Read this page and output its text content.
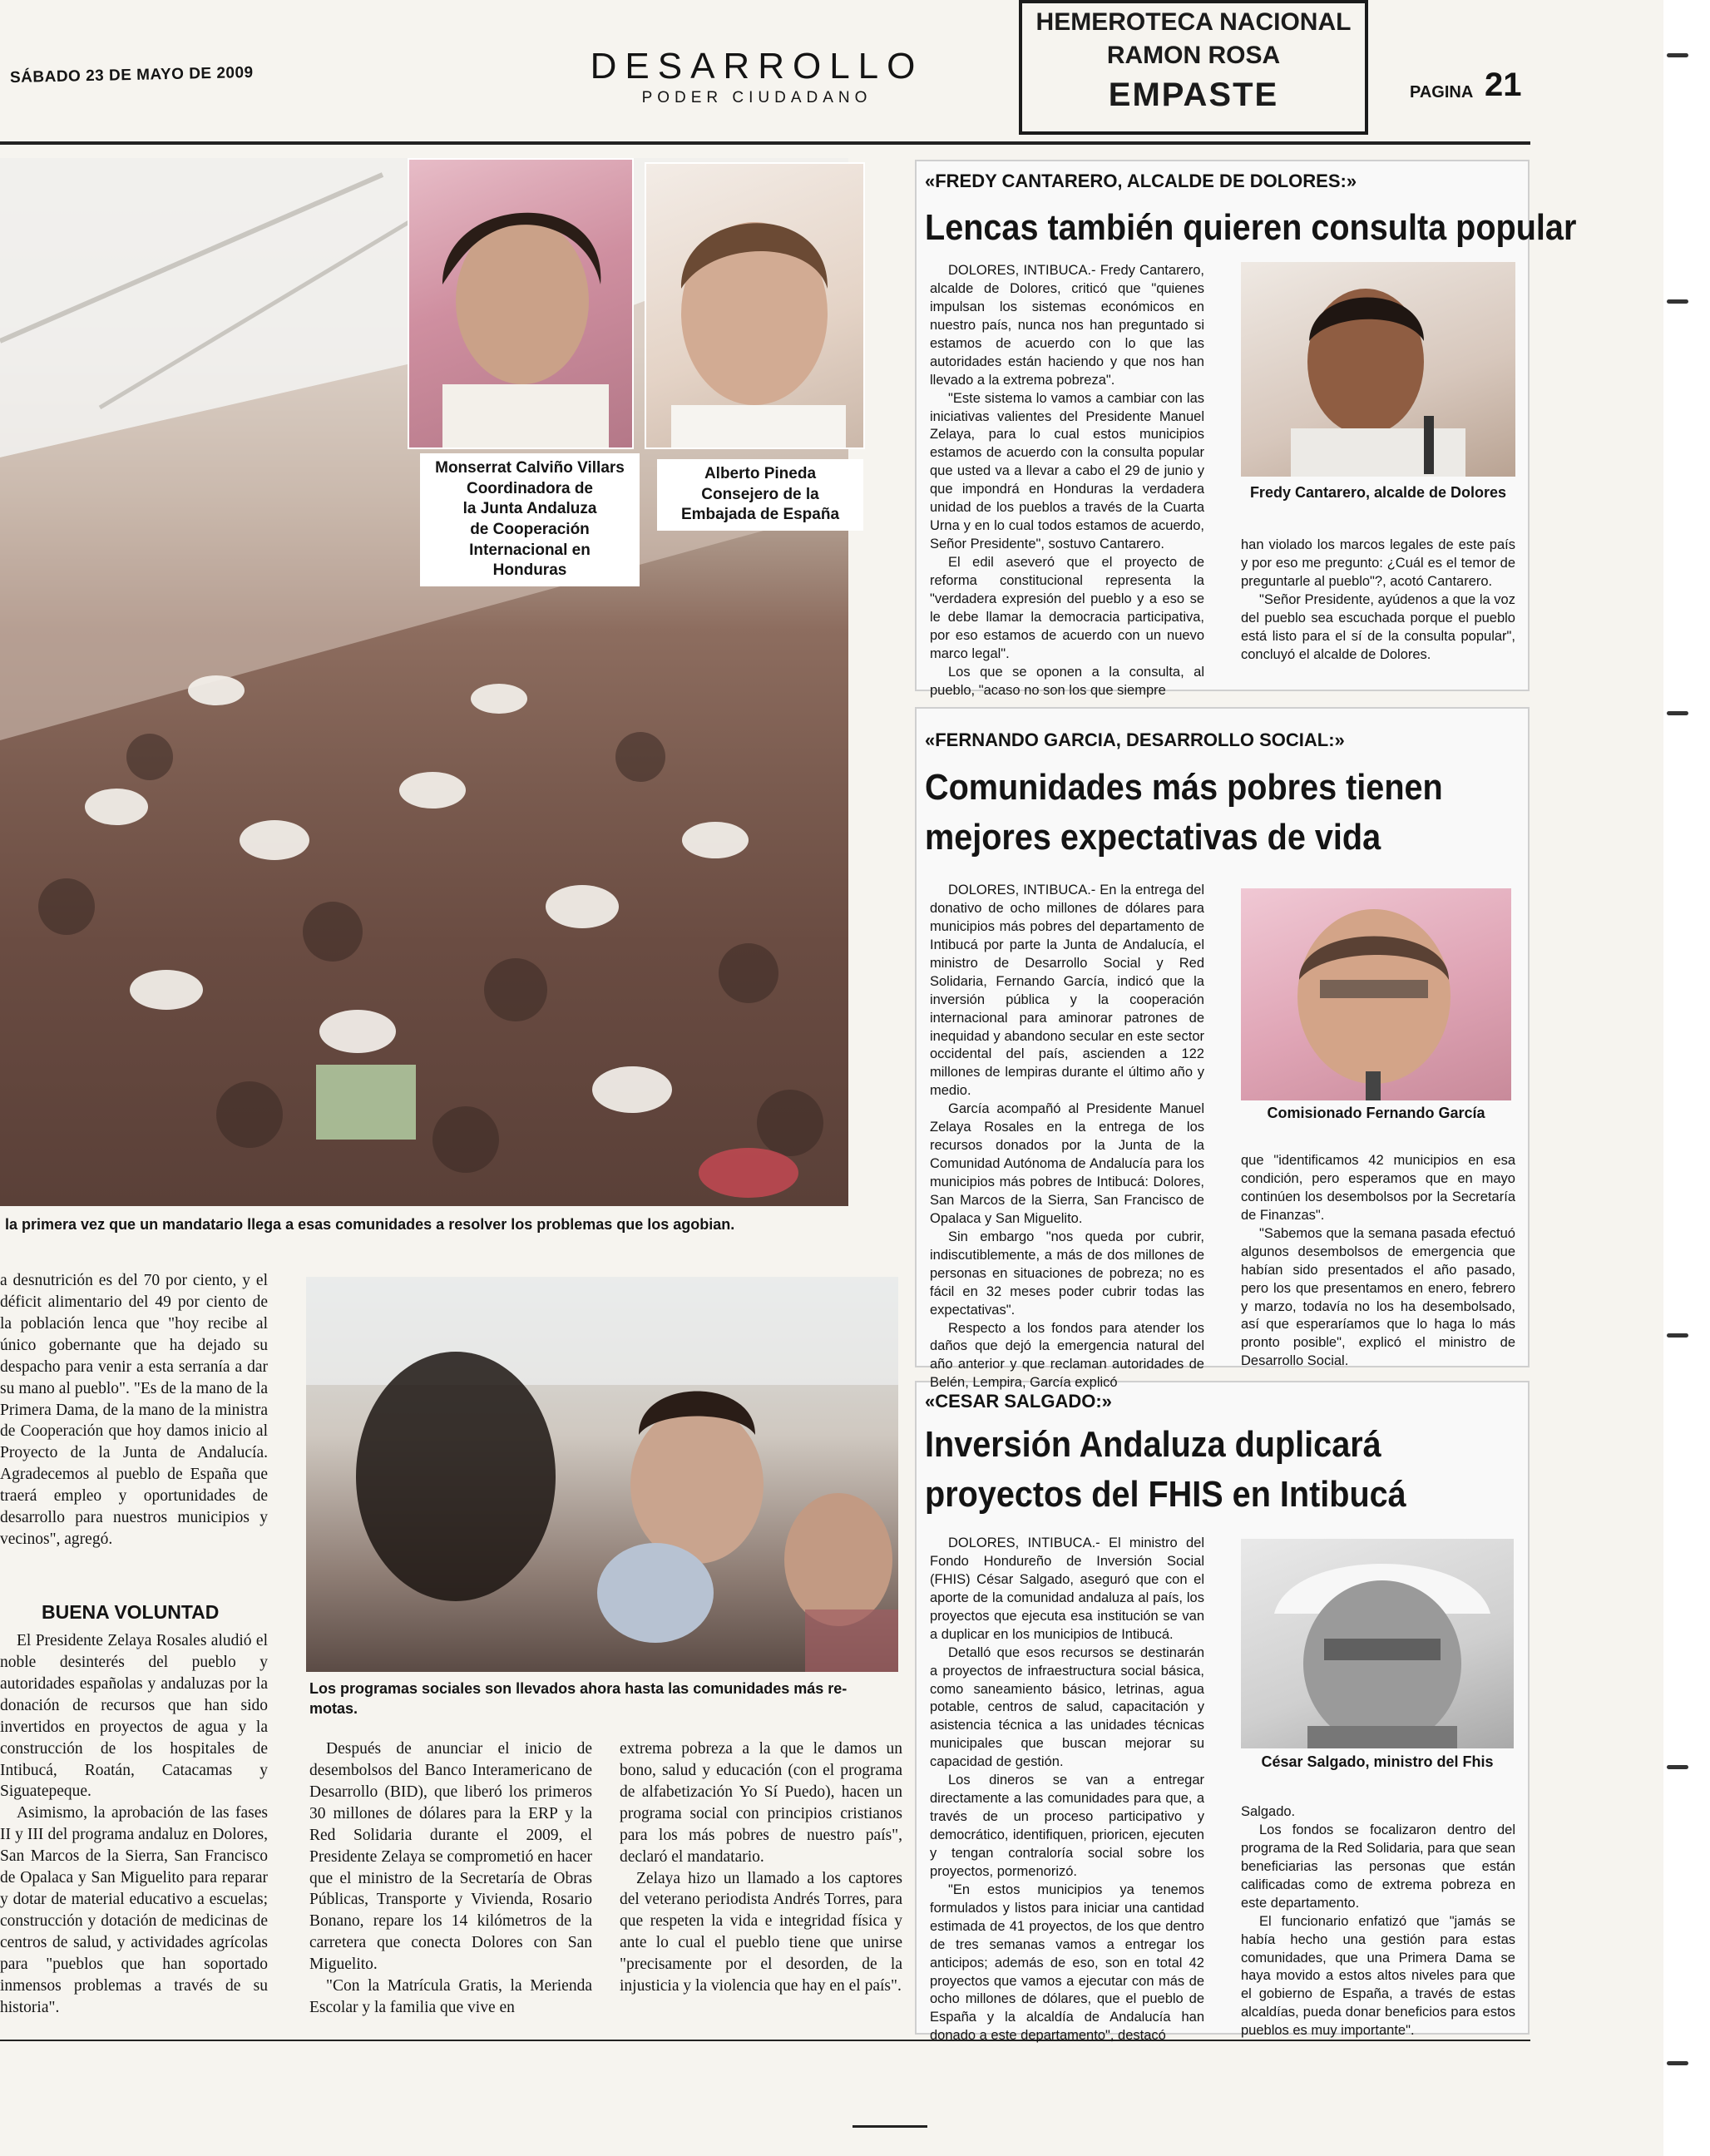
SÁBADO 23 DE MAYO DE 2009	DESARROLLO
PODER CIUDADANO
HEMEROTECA NACIONAL
RAMON ROSA
EMPASTE	PAGINA 21
Monserrat Calviño Villars
Coordinadora de
la Junta Andaluza
de Cooperación
Internacional en
Honduras
Alberto Pineda
Consejero de la
Embajada de España
la primera vez que un mandatario llega a esas comunidades a resolver los problemas que los agobian.

a desnutrición es del 70 por ciento, y el déficit alimentario del 49 por ciento de la población lenca que "hoy recibe al único gobernante que ha dejado su despacho para venir a esta serranía a dar su mano al pueblo". "Es de la mano de la Primera Dama, de la mano de la ministra de Cooperación que hoy damos inicio al Proyecto de la Junta de Andalucía. Agradecemos al pueblo de España que traerá empleo y oportunidades de desarrollo para nuestros municipios y vecinos", agregó.

BUENA VOLUNTAD

El Presidente Zelaya Rosales aludió el noble desinterés del pueblo y autoridades españolas y andaluzas por la donación de recursos que han sido invertidos en proyectos de agua y la construcción de los hospitales de Intibucá, Roatán, Catacamas y Siguatepeque.

Asimismo, la aprobación de las fases II y III del programa andaluz en Dolores, San Marcos de la Sierra, San Francisco de Opalaca y San Miguelito para reparar y dotar de material educativo a escuelas; construcción y dotación de medicinas de centros de salud, y actividades agrícolas para "pueblos que han soportado inmensos problemas a través de su historia".

Los programas sociales son llevados ahora hasta las comunidades más re-
motas.

Después de anunciar el inicio de desembolsos del Banco Interamericano de Desarrollo (BID), que liberó los primeros 30 millones de dólares para la ERP y la Red Solidaria durante el 2009, el Presidente Zelaya se comprometió en hacer que el ministro de la Secretaría de Obras Públicas, Transporte y Vivienda, Rosario Bonano, repare los 14 kilómetros de la carretera que conecta Dolores con San Miguelito.

"Con la Matrícula Gratis, la Merienda Escolar y la familia que vive en

extrema pobreza a la que le damos un bono, salud y educación (con el programa de alfabetización Yo Sí Puedo), hacen un programa social con principios cristianos para los más pobres de nuestro país", declaró el mandatario.

Zelaya hizo un llamado a los captores del veterano periodista Andrés Torres, para que respeten la vida e integridad física y ante lo cual el pueblo tiene que unirse "precisamente por el desorden, de la injusticia y la violencia que hay en el país".

«FREDY CANTARERO, ALCALDE DE DOLORES:»
Lencas también quieren consulta popular

DOLORES, INTIBUCA.- Fredy Cantarero, alcalde de Dolores, criticó que "quienes impulsan los sistemas económicos en nuestro país, nunca nos han preguntado si estamos de acuerdo con lo que las autoridades están haciendo y que nos han llevado a la extrema pobreza".

"Este sistema lo vamos a cambiar con las iniciativas valientes del Presidente Manuel Zelaya, para lo cual estos municipios estamos de acuerdo con la consulta popular que usted va a llevar a cabo el 29 de junio y que impondrá en Honduras la verdadera unidad de los pueblos a través de la Cuarta Urna y en lo cual todos estamos de acuerdo, Señor Presidente", sostuvo Cantarero.

El edil aseveró que el proyecto de reforma constitucional representa la "verdadera expresión del pueblo y a eso se le debe llamar la democracia participativa, por eso estamos de acuerdo con un nuevo marco legal".

Los que se oponen a la consulta, al pueblo, "acaso no son los que siempre

Fredy Cantarero, alcalde de Dolores

han violado los marcos legales de este país y por eso me pregunto: ¿Cuál es el temor de preguntarle al pueblo"?, acotó Cantarero.

"Señor Presidente, ayúdenos a que la voz del pueblo sea escuchada porque el pueblo está listo para el sí de la consulta popular", concluyó el alcalde de Dolores.

«FERNANDO GARCIA, DESARROLLO SOCIAL:»
Comunidades más pobres tienen
mejores expectativas de vida

DOLORES, INTIBUCA.- En la entrega del donativo de ocho millones de dólares para municipios más pobres del departamento de Intibucá por parte la Junta de Andalucía, el ministro de Desarrollo Social y Red Solidaria, Fernando García, indicó que la inversión pública y la cooperación internacional para aminorar patrones de inequidad y abandono secular en este sector occidental del país, ascienden a 122 millones de lempiras durante el último año y medio.

García acompañó al Presidente Manuel Zelaya Rosales en la entrega de los recursos donados por la Junta de la Comunidad Autónoma de Andalucía para los municipios más pobres de Intibucá: Dolores, San Marcos de la Sierra, San Francisco de Opalaca y San Miguelito.

Sin embargo "nos queda por cubrir, indiscutiblemente, a más de dos millones de personas en situaciones de pobreza; no es fácil en 32 meses poder cubrir todas las expectativas".

Respecto a los fondos para atender los daños que dejó la emergencia natural del año anterior y que reclaman autoridades de Belén, Lempira, García explicó

Comisionado Fernando García

que "identificamos 42 municipios en esa condición, pero esperamos que en mayo continúen los desembolsos por la Secretaría de Finanzas".

"Sabemos que la semana pasada efectuó algunos desembolsos de emergencia que habían sido presentados el año pasado, pero los que presentamos en enero, febrero y marzo, todavía no los ha desembolsado, así que esperaríamos que lo haga lo más pronto posible", explicó el ministro de Desarrollo Social.

«CESAR SALGADO:»
Inversión Andaluza duplicará
proyectos del FHIS en Intibucá

DOLORES, INTIBUCA.- El ministro del Fondo Hondureño de Inversión Social (FHIS) César Salgado, aseguró que con el aporte de la comunidad andaluza al país, los proyectos que ejecuta esa institución se van a duplicar en los municipios de Intibucá.

Detalló que esos recursos se destinarán a proyectos de infraestructura social básica, como saneamiento básico, letrinas, agua potable, centros de salud, capacitación y asistencia técnica a las unidades técnicas municipales que buscan mejorar su capacidad de gestión.

Los dineros se van a entregar directamente a las comunidades para que, a través de un proceso participativo y democrático, identifiquen, prioricen, ejecuten y tengan contraloría social sobre los proyectos, pormenorizó.

"En estos municipios ya tenemos formulados y listos para iniciar una cantidad estimada de 41 proyectos, de los que dentro de tres semanas vamos a entregar los anticipos; además de eso, son en total 42 proyectos que vamos a ejecutar con más de ocho millones de dólares, que el pueblo de España y la alcaldía de Andalucía han donado a este departamento", destacó

César Salgado, ministro del Fhis

Salgado.

Los fondos se focalizaron dentro del programa de la Red Solidaria, para que sean beneficiarias las personas que están calificadas como de extrema pobreza en este departamento.

El funcionario enfatizó que "jamás se había hecho una gestión para estas comunidades, que una Primera Dama se haya movido a estos altos niveles para que el gobierno de España, a través de estas alcaldías, pueda donar beneficios para estos pueblos es muy importante".
